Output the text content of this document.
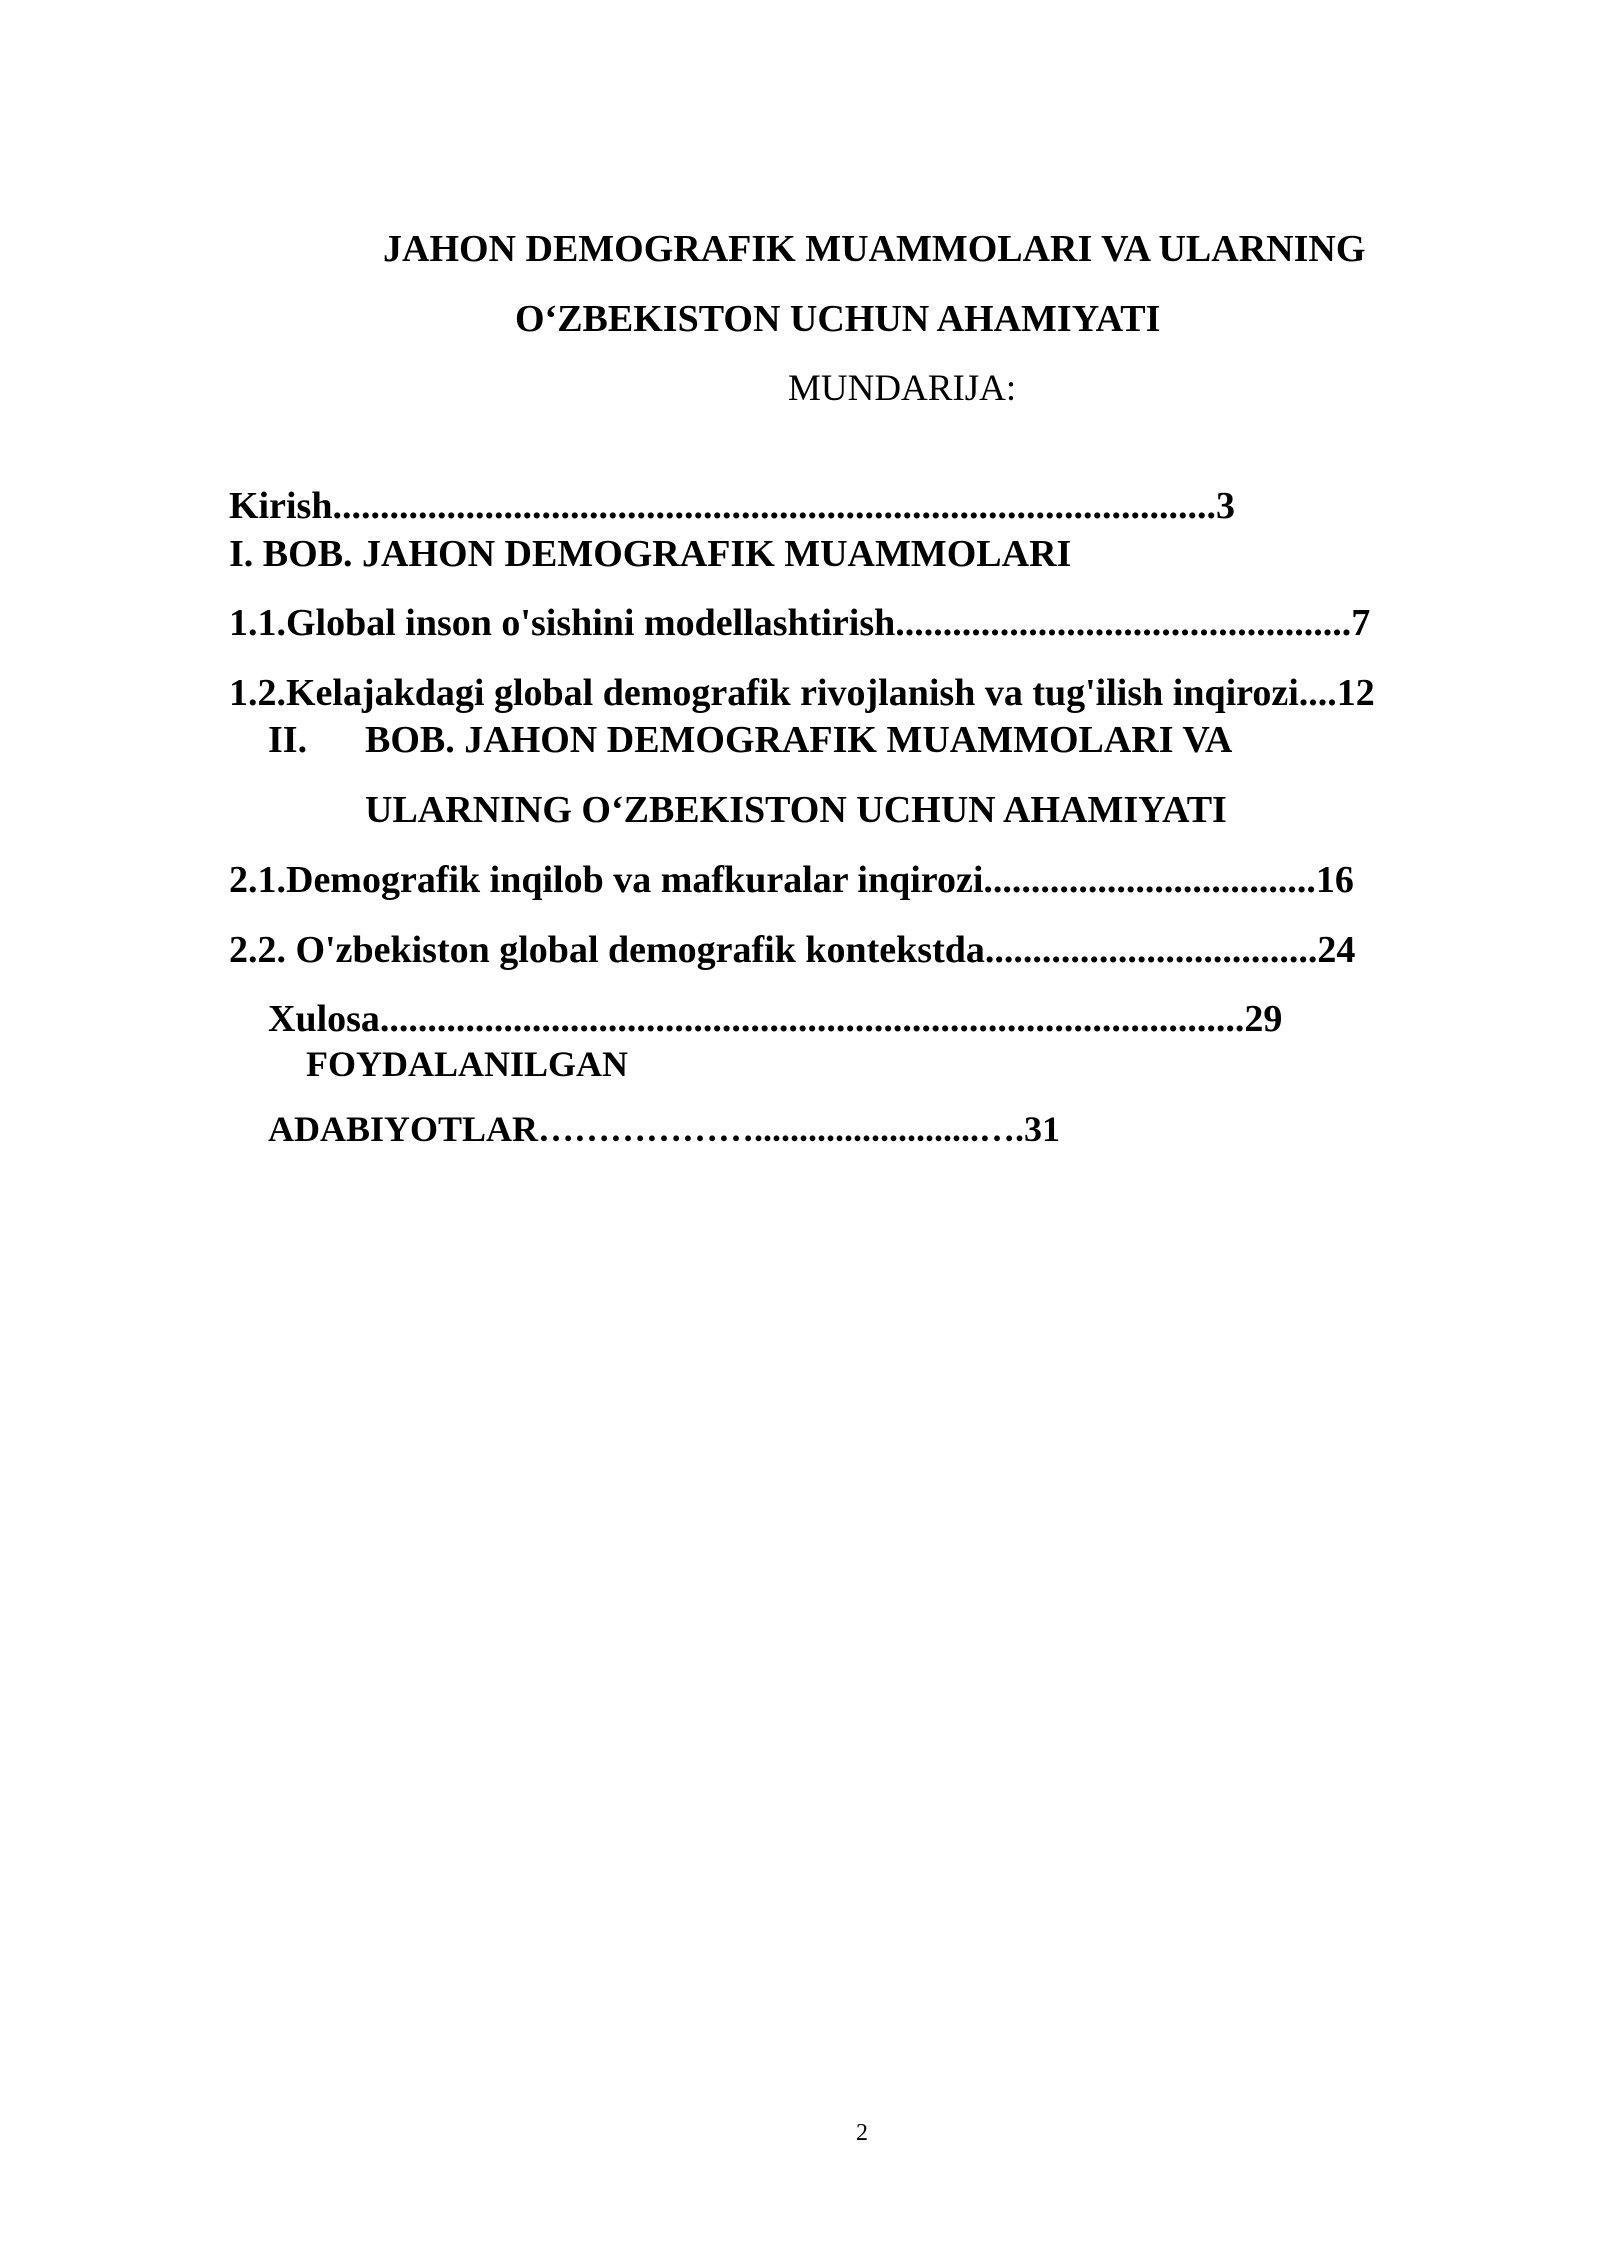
JAHON DEMOGRAFIK MUAMMOLARI VA ULARNING
O‘ZBEKISTON UCHUN AHAMIYATI
MUNDARIJA:
Kirish.............................................................................................3
I. BOB. JAHON DEMOGRAFIK MUAMMOLARI
1.1.Global inson o'sishini modellashtirish................................................7
1.2.Kelajakdagi global demografik rivojlanish va tug'ilish inqirozi....12
II. BOB. JAHON DEMOGRAFIK MUAMMOLARI VA
ULARNING O‘ZBEKISTON UCHUN AHAMIYATI
2.1.Demografik inqilob va mafkuralar inqirozi...................................16
2.2. O'zbekiston global demografik kontekstda...................................24
Xulosa...........................................................................................29
FOYDALANILGAN
ADABIYOTLAR……………….........................….31
2
